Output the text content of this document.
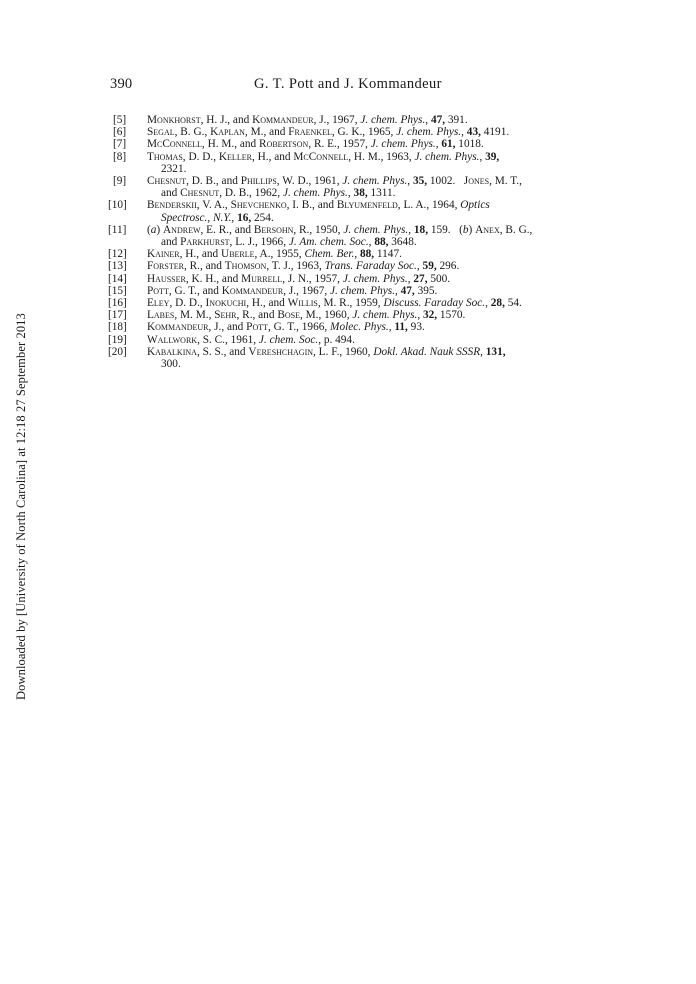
390	G. T. Pott and J. Kommandeur
[5] Monkhorst, H. J., and Kommandeur, J., 1967, J. chem. Phys., 47, 391.
[6] Segal, B. G., Kaplan, M., and Fraenkel, G. K., 1965, J. chem. Phys., 43, 4191.
[7] McConnell, H. M., and Robertson, R. E., 1957, J. chem. Phys., 61, 1018.
[8] Thomas, D. D., Keller, H., and McConnell, H. M., 1963, J. chem. Phys., 39,
2321.
[9] Chesnut, D. B., and Phillips, W. D., 1961, J. chem. Phys., 35, 1002.   Jones, M. T.,
and Chesnut, D. B., 1962, J. chem. Phys., 38, 1311.
[10] Benderskii, V. A., Shevchenko, I. B., and Blyumenfeld, L. A., 1964, Optics
Spectrosc., N.Y., 16, 254.
[11] (a) Andrew, E. R., and Bersohn, R., 1950, J. chem. Phys., 18, 159.   (b) Anex, B. G.,
and Parkhurst, L. J., 1966, J. Am. chem. Soc., 88, 3648.
[12] Kainer, H., and Uberle, A., 1955, Chem. Ber., 88, 1147.
[13] Forster, R., and Thomson, T. J., 1963, Trans. Faraday Soc., 59, 296.
[14] Hausser, K. H., and Murrell, J. N., 1957, J. chem. Phys., 27, 500.
[15] Pott, G. T., and Kommandeur, J., 1967, J. chem. Phys., 47, 395.
[16] Eley, D. D., Inokuchi, H., and Willis, M. R., 1959, Discuss. Faraday Soc., 28, 54.
[17] Labes, M. M., Sehr, R., and Bose, M., 1960, J. chem. Phys., 32, 1570.
[18] Kommandeur, J., and Pott, G. T., 1966, Molec. Phys., 11, 93.
[19] Wallwork, S. C., 1961, J. chem. Soc., p. 494.
[20] Kabalkina, S. S., and Vereshchagin, L. F., 1960, Dokl. Akad. Nauk SSSR, 131,
300.
Downloaded by [University of North Carolina] at 12:18 27 September 2013
